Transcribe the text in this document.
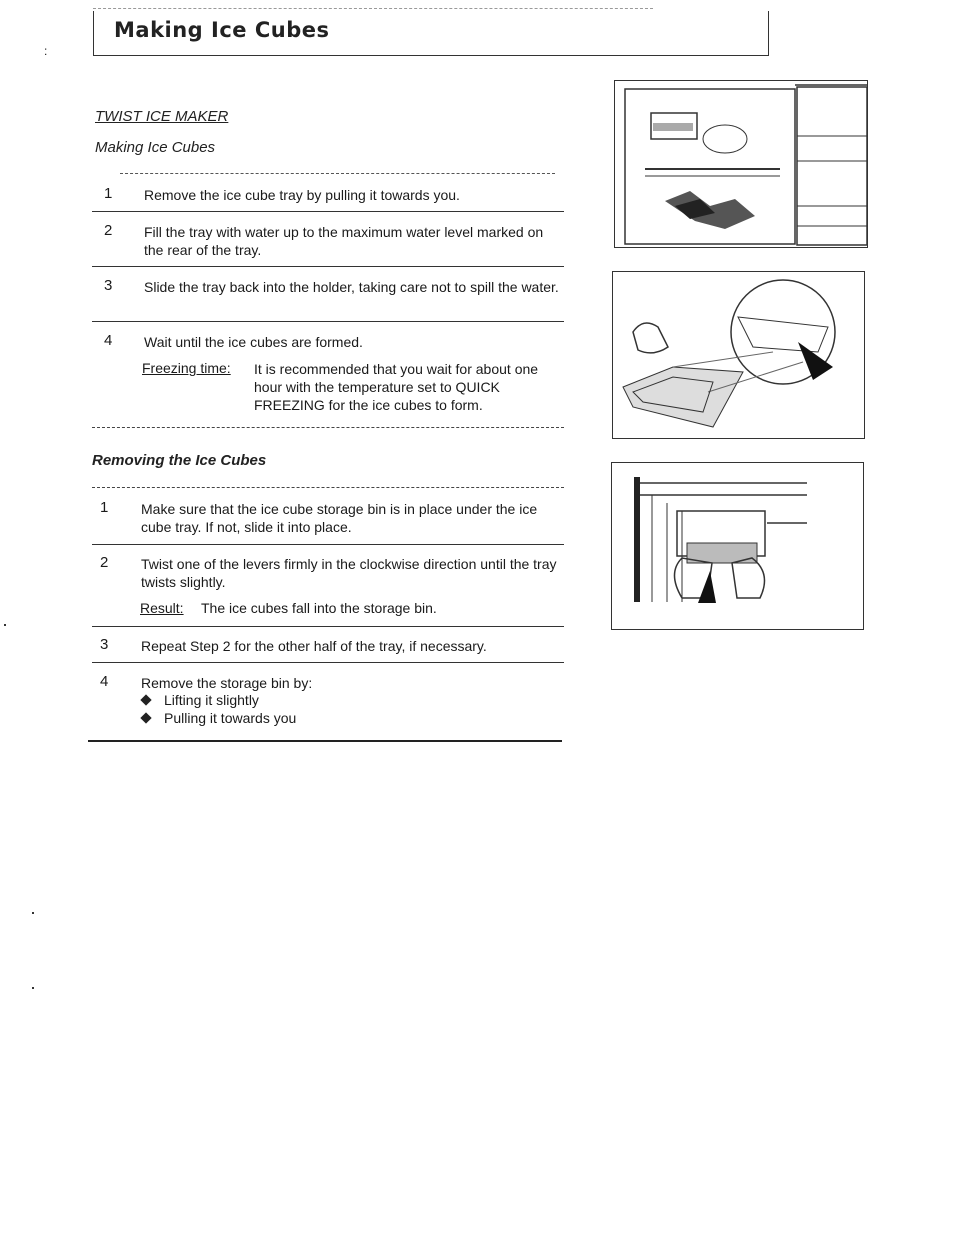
Making Ice Cubes
:
TWIST ICE MAKER
Making Ice Cubes
1	Remove the ice cube tray by pulling it towards you.
2	Fill the tray with water up to the maximum water level marked on the rear of the tray.
3	Slide the tray back into the holder, taking care not to spill the water.
4	Wait until the ice cubes are formed.
Freezing time: It is recommended that you wait for about one hour with the temperature set to QUICK FREEZING for the ice cubes to form.
Removing the Ice Cubes
1	Make sure that the ice cube storage bin is in place under the ice cube tray. If not, slide it into place.
2	Twist one of the levers firmly in the clockwise direction until the tray twists slightly.
Result: The ice cubes fall into the storage bin.
3	Repeat Step 2 for the other half of the tray, if necessary.
4	Remove the storage bin by:
Lifting it slightly
Pulling it towards you
